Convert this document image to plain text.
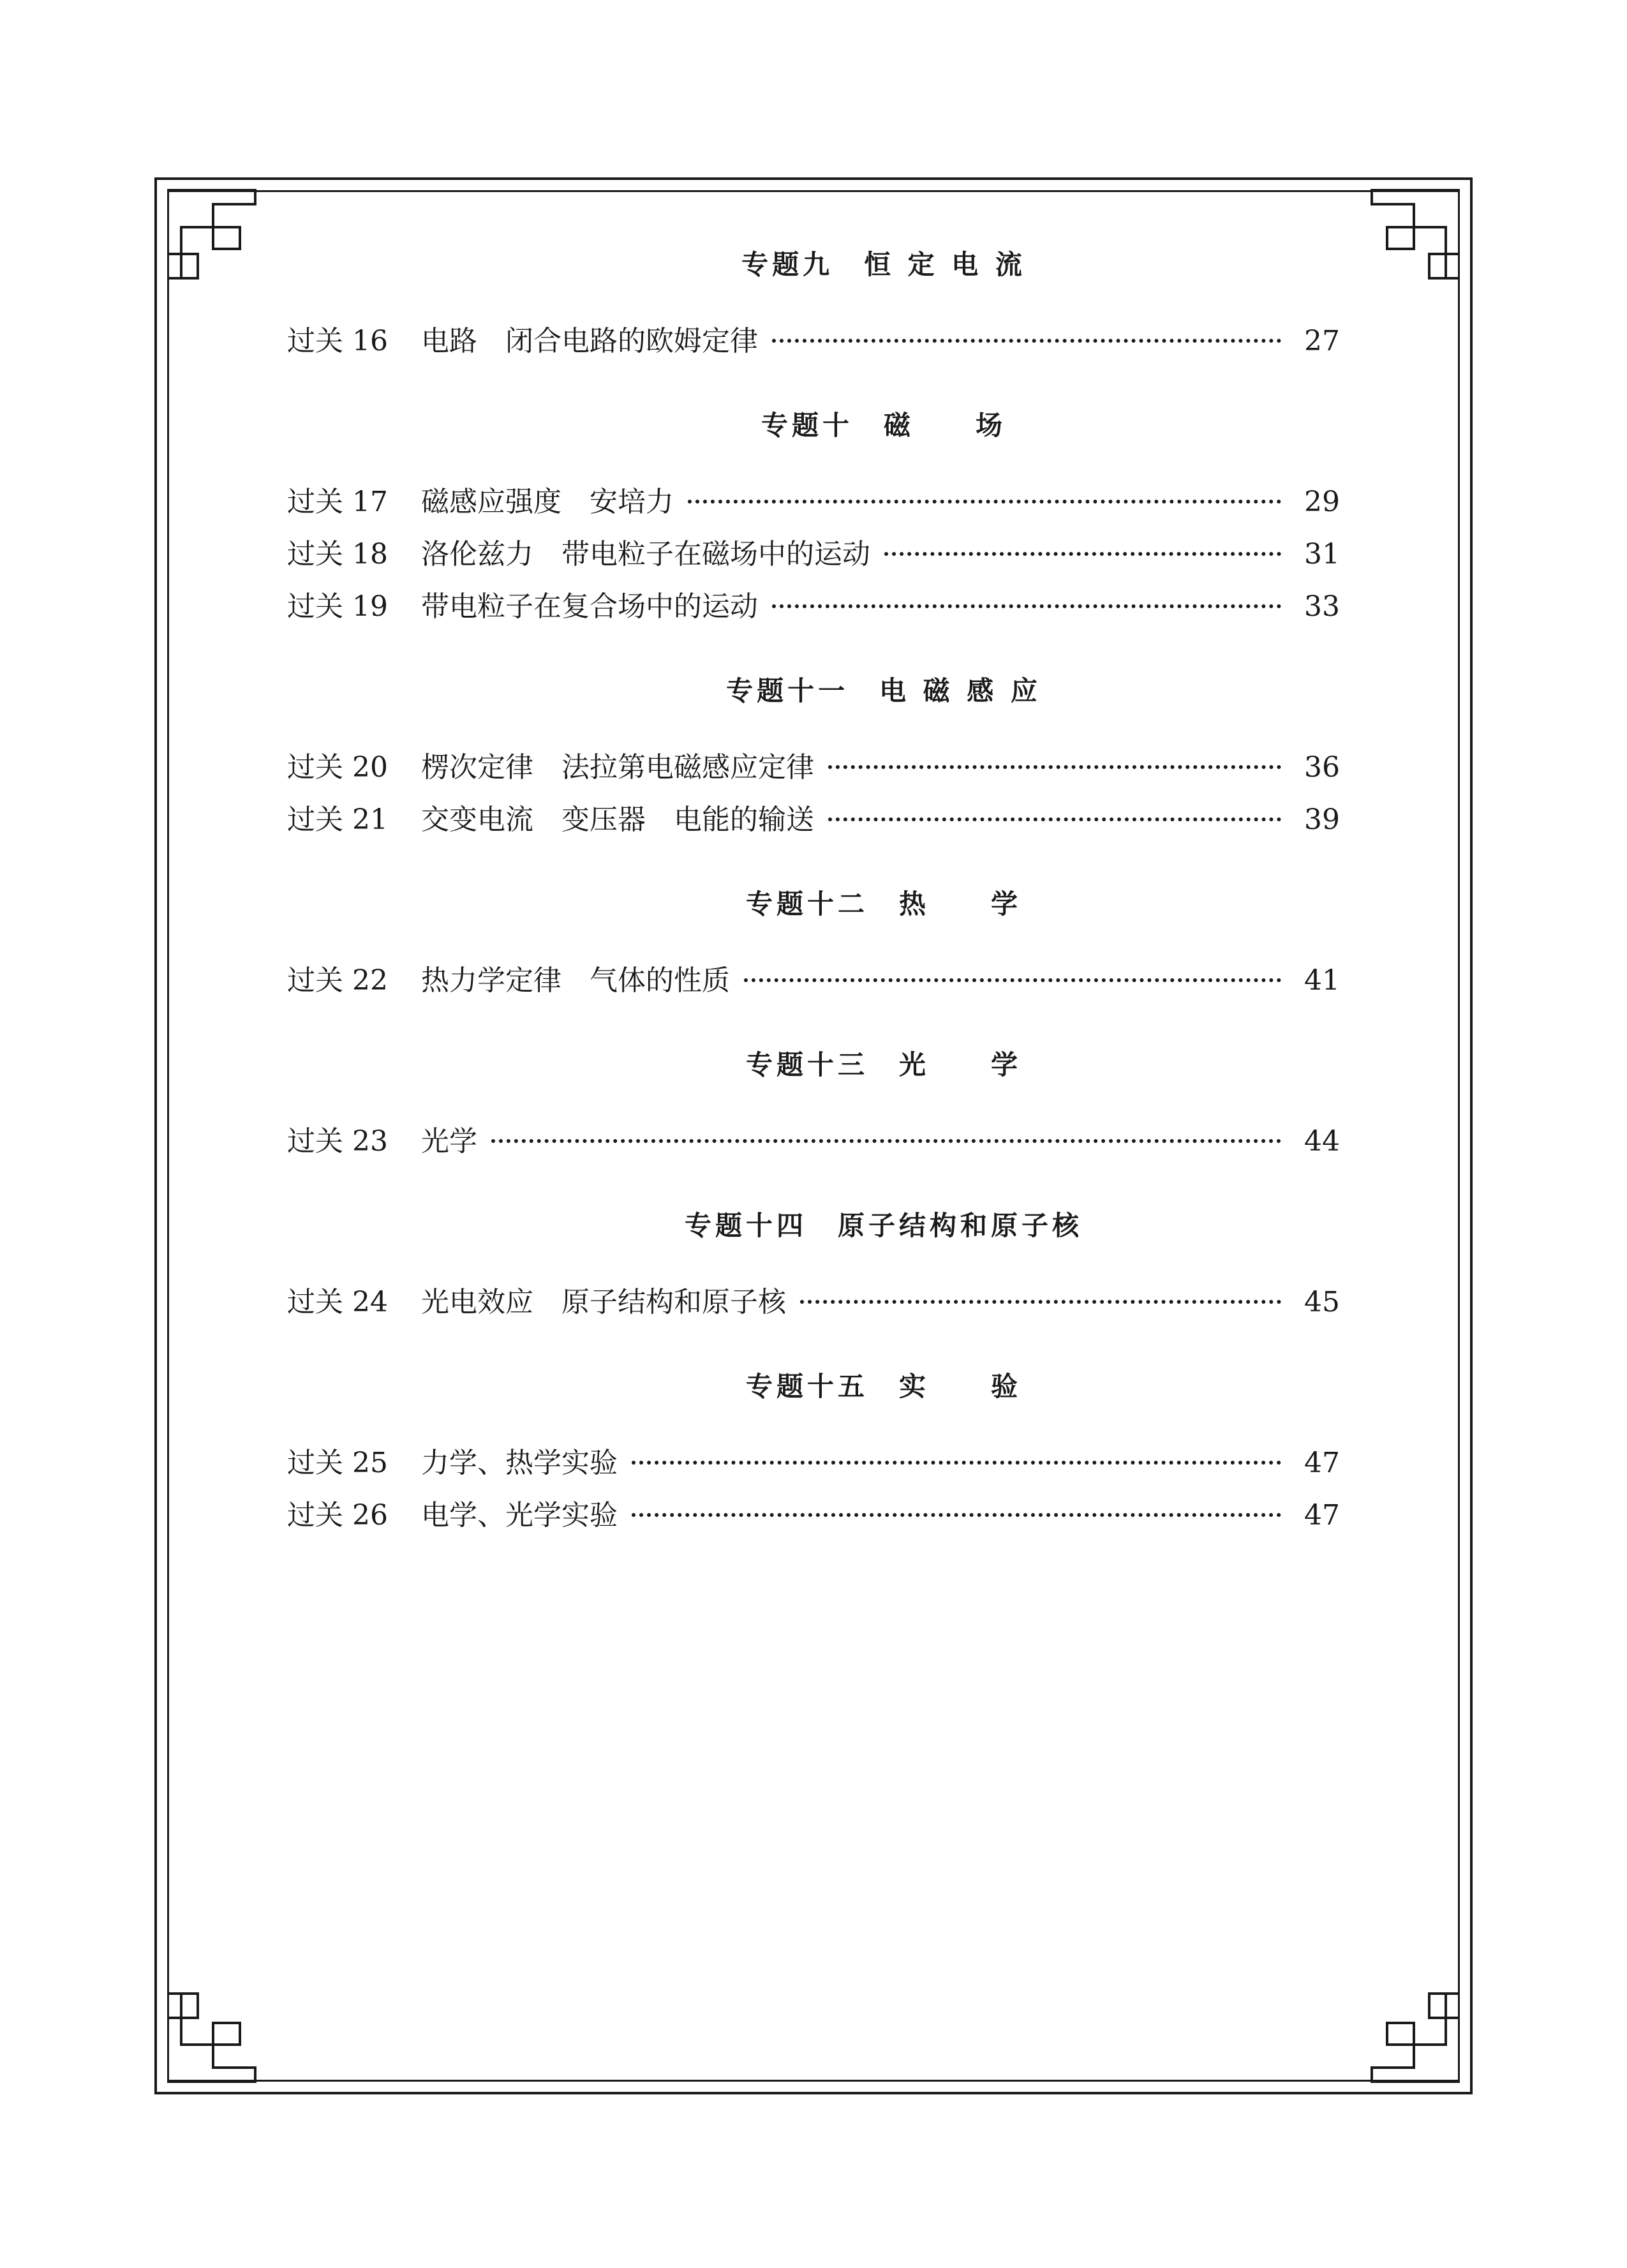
专题九　恒 定 电 流
过关 16	电路　闭合电路的欧姆定律	27
专题十　磁　　场
过关 17	磁感应强度　安培力	29
过关 18	洛伦兹力　带电粒子在磁场中的运动	31
过关 19	带电粒子在复合场中的运动	33
专题十一　电 磁 感 应
过关 20	楞次定律　法拉第电磁感应定律	36
过关 21	交变电流　变压器　电能的输送	39
专题十二　热　　学
过关 22	热力学定律　气体的性质	41
专题十三　光　　学
过关 23	光学	44
专题十四　原子结构和原子核
过关 24	光电效应　原子结构和原子核	45
专题十五　实　　验
过关 25	力学、热学实验	47
过关 26	电学、光学实验	47
